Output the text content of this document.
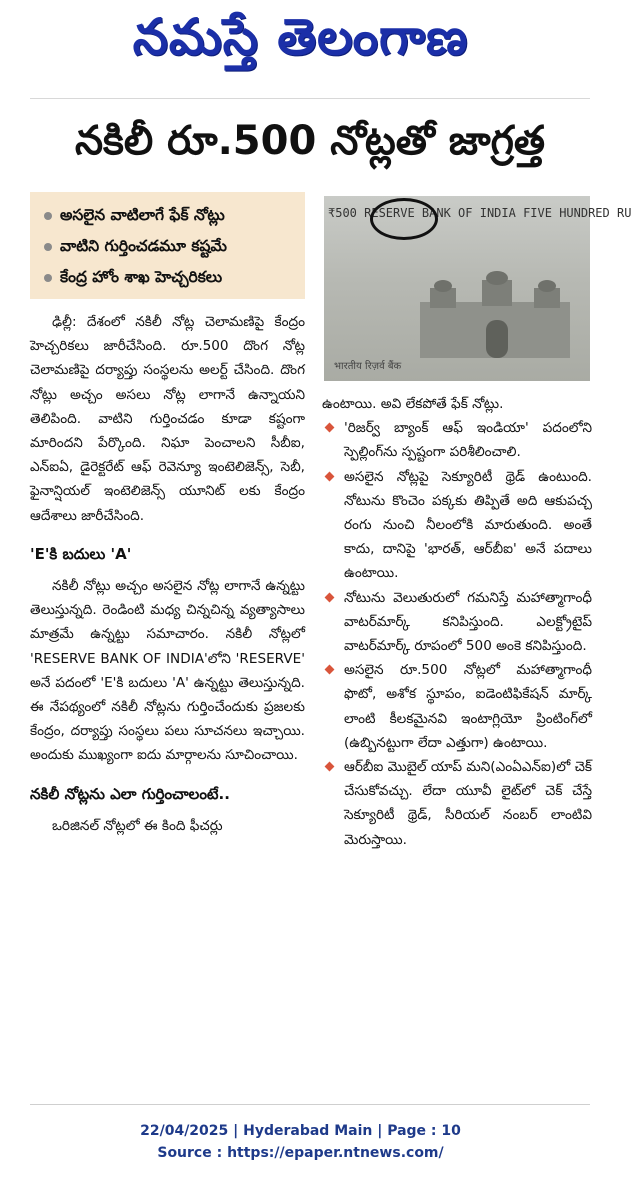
నమస్తే తెలంగాణ
నకిలీ రూ.500 నోట్లతో జాగ్రత్త
అసలైన వాటిలాగే ఫేక్ నోట్లు
వాటిని గుర్తించడమూ కష్టమే
కేంద్ర హోం శాఖ హెచ్చరికలు
₹500 RESERVE BANK OF INDIA FIVE HUNDRED RU
भारतीय रिज़र्व बैंक

ఢిల్లీ: దేశంలో నకిలీ నోట్ల చెలామణిపై కేంద్రం హెచ్చరికలు జారీచేసింది. రూ.500 దొంగ నోట్ల చెలామణిపై దర్యాప్తు సంస్థలను అలర్ట్ చేసింది. దొంగ నోట్లు అచ్చం అసలు నోట్ల లాగానే ఉన్నాయని తెలిపింది. వాటిని గుర్తించడం కూడా కష్టంగా మారిందని పేర్కొంది. నిఘా పెంచాలని సీబీఐ, ఎన్‌ఐఏ, డైరెక్టరేట్ ఆఫ్ రెవెన్యూ ఇంటెలిజెన్స్, సెబీ, ఫైనాన్షియల్ ఇంటెలిజెన్స్ యూనిట్ లకు కేంద్రం ఆదేశాలు జారీచేసింది.

'E'కి బదులు 'A'

నకిలీ నోట్లు అచ్చం అసలైన నోట్ల లాగానే ఉన్నట్టు తెలుస్తున్నది. రెండింటి మధ్య చిన్నచిన్న వ్యత్యాసాలు మాత్రమే ఉన్నట్టు సమాచారం. నకిలీ నోట్లలో 'RESERVE BANK OF INDIA'లోని 'RESERVE' అనే పదంలో 'E'కి బదులు 'A' ఉన్నట్టు తెలుస్తున్నది. ఈ నేపథ్యంలో నకిలీ నోట్లను గుర్తించేందుకు ప్రజలకు కేంద్రం, దర్యాప్తు సంస్థలు పలు సూచనలు ఇచ్చాయి. అందుకు ముఖ్యంగా ఐదు మార్గాలను సూచించాయి.

నకిలీ నోట్లను ఎలా గుర్తించాలంటే..

ఒరిజినల్ నోట్లలో ఈ కింది ఫీచర్లు

ఉంటాయి. అవి లేకపోతే ఫేక్ నోట్లు.

'రిజర్వ్ బ్యాంక్ ఆఫ్ ఇండియా' పదంలోని స్పెల్లింగ్‌ను స్పష్టంగా పరిశీలించాలి.
అసలైన నోట్లపై సెక్యూరిటీ థ్రెడ్ ఉంటుంది. నోటును కొంచెం పక్కకు తిప్పితే అది ఆకుపచ్చ రంగు నుంచి నీలంలోకి మారుతుంది. అంతే కాదు, దానిపై 'భారత్, ఆర్‌బీఐ' అనే పదాలు ఉంటాయి.
నోటును వెలుతురులో గమనిస్తే మహాత్మాగాంధీ వాటర్‌మార్క్ కనిపిస్తుంది. ఎలక్ట్రోటైప్ వాటర్‌మార్క్ రూపంలో 500 అంకె కనిపిస్తుంది.
అసలైన రూ.500 నోట్లలో మహాత్మాగాంధీ ఫొటో, అశోక స్థూపం, ఐడెంటిఫికేషన్ మార్క్ లాంటి కీలకమైనవి ఇంటాగ్లియో ప్రింటింగ్‌లో (ఉబ్బినట్టుగా లేదా ఎత్తుగా) ఉంటాయి.
ఆర్‌బీఐ మొబైల్ యాప్ మని(ఎంఏఎన్‌ఐ)లో చెక్ చేసుకోవచ్చు. లేదా యూవీ లైట్‌లో చెక్ చేస్తే సెక్యూరిటీ థ్రెడ్, సీరియల్ నంబర్ లాంటివి మెరుస్తాయి.
22/04/2025 | Hyderabad Main | Page : 10
Source : https://epaper.ntnews.com/
